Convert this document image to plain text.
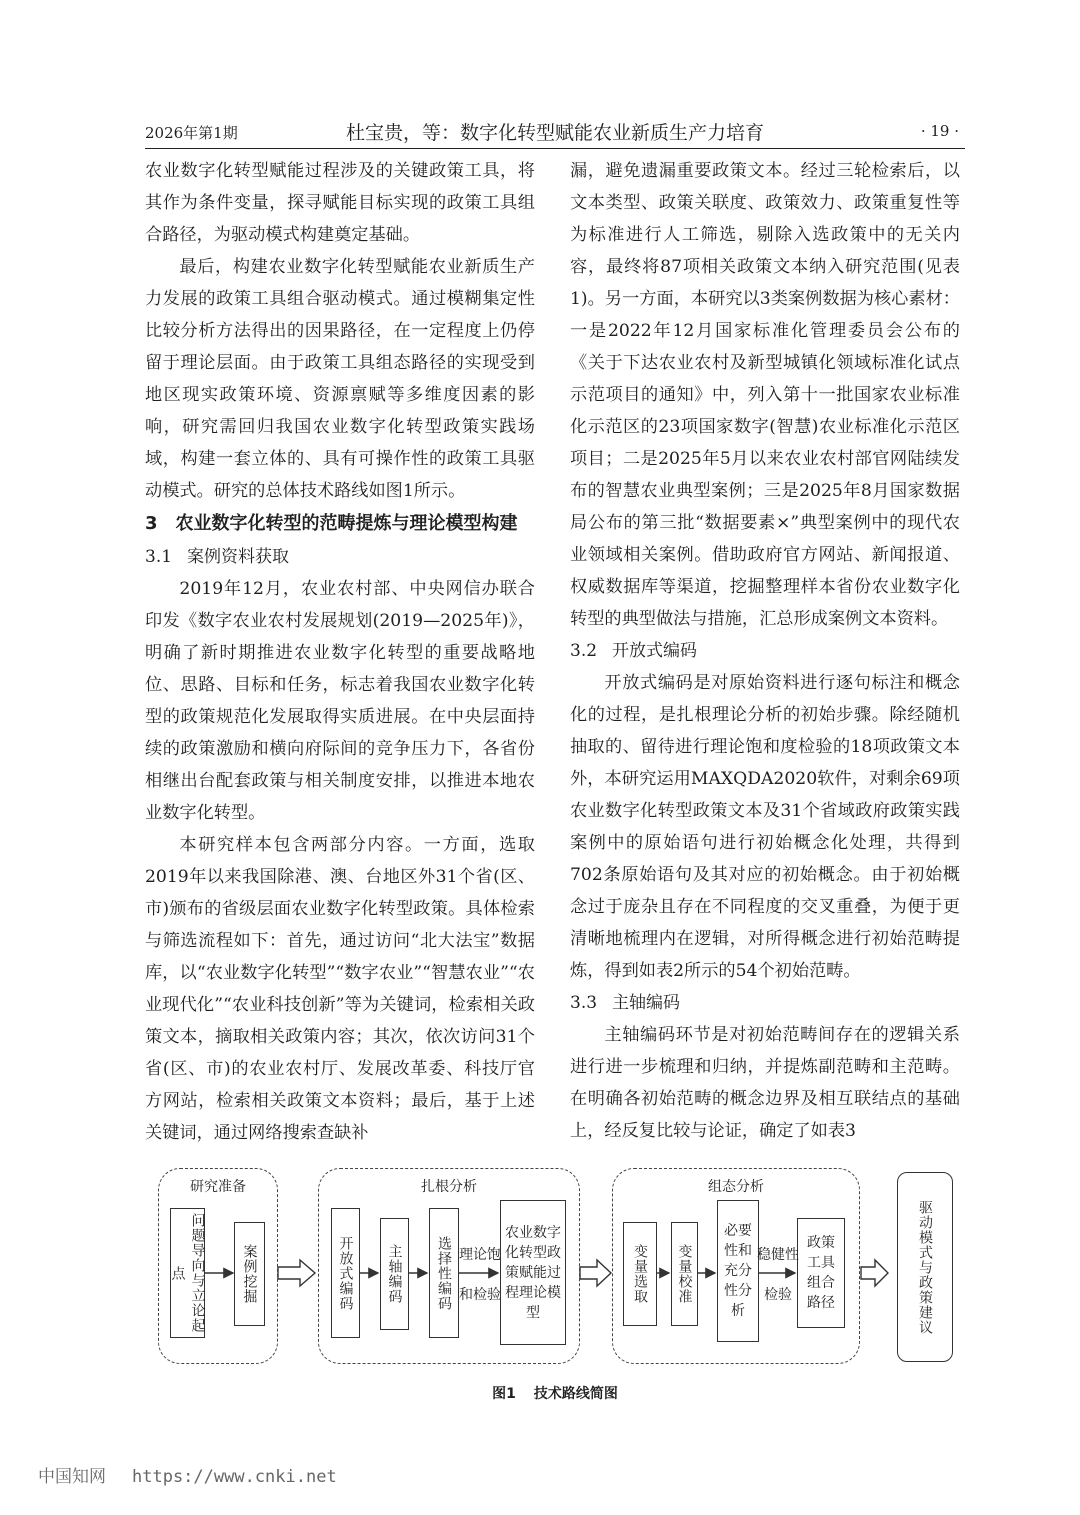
2026年第1期	杜宝贵，等：数字化转型赋能农业新质生产力培育	· 19 ·

农业数字化转型赋能过程涉及的关键政策工具，将其作为条件变量，探寻赋能目标实现的政策工具组合路径，为驱动模式构建奠定基础。

最后，构建农业数字化转型赋能农业新质生产力发展的政策工具组合驱动模式。通过模糊集定性比较分析方法得出的因果路径，在一定程度上仍停留于理论层面。由于政策工具组态路径的实现受到地区现实政策环境、资源禀赋等多维度因素的影响，研究需回归我国农业数字化转型政策实践场域，构建一套立体的、具有可操作性的政策工具驱动模式。研究的总体技术路线如图1所示。

3　农业数字化转型的范畴提炼与理论模型构建

3.1 案例资料获取

2019年12月，农业农村部、中央网信办联合印发《数字农业农村发展规划(2019—2025年)》，明确了新时期推进农业数字化转型的重要战略地位、思路、目标和任务，标志着我国农业数字化转型的政策规范化发展取得实质进展。在中央层面持续的政策激励和横向府际间的竞争压力下，各省份相继出台配套政策与相关制度安排，以推进本地农业数字化转型。

本研究样本包含两部分内容。一方面，选取2019年以来我国除港、澳、台地区外31个省(区、市)颁布的省级层面农业数字化转型政策。具体检索与筛选流程如下：首先，通过访问“北大法宝”数据库，以“农业数字化转型”“数字农业”“智慧农业”“农业现代化”“农业科技创新”等为关键词，检索相关政策文本，摘取相关政策内容；其次，依次访问31个省(区、市)的农业农村厅、发展改革委、科技厅官方网站，检索相关政策文本资料；最后，基于上述关键词，通过网络搜索查缺补

漏，避免遗漏重要政策文本。经过三轮检索后，以文本类型、政策关联度、政策效力、政策重复性等为标准进行人工筛选，剔除入选政策中的无关内容，最终将87项相关政策文本纳入研究范围(见表1)。另一方面，本研究以3类案例数据为核心素材：一是2022年12月国家标准化管理委员会公布的《关于下达农业农村及新型城镇化领域标准化试点示范项目的通知》中，列入第十一批国家农业标准化示范区的23项国家数字(智慧)农业标准化示范区项目；二是2025年5月以来农业农村部官网陆续发布的智慧农业典型案例；三是2025年8月国家数据局公布的第三批“数据要素×”典型案例中的现代农业领域相关案例。借助政府官方网站、新闻报道、权威数据库等渠道，挖掘整理样本省份农业数字化转型的典型做法与措施，汇总形成案例文本资料。

3.2 开放式编码

开放式编码是对原始资料进行逐句标注和概念化的过程，是扎根理论分析的初始步骤。除经随机抽取的、留待进行理论饱和度检验的18项政策文本外，本研究运用MAXQDA2020软件，对剩余69项农业数字化转型政策文本及31个省域政府政策实践案例中的原始语句进行初始概念化处理，共得到702条原始语句及其对应的初始概念。由于初始概念过于庞杂且存在不同程度的交叉重叠，为便于更清晰地梳理内在逻辑，对所得概念进行初始范畴提炼，得到如表2所示的54个初始范畴。

3.3 主轴编码

主轴编码环节是对初始范畴间存在的逻辑关系进行进一步梳理和归纳，并提炼副范畴和主范畴。在明确各初始范畴的概念边界及相互联结点的基础上，经反复比较与论证，确定了如表3

研究准备	扎根分析	组态分析
问题导向与立论起点	案例挖掘	开放式编码 主轴编码 选择性编码
农业数字化转型政策赋能过程理论模型
变量选取 变量校准
必要性和充分性分析
政策工具组合路径	驱动模式与政策建议
理论饱
和检验
稳健性
检验
图1 技术路线简图
中国知网 https://www.cnki.net
